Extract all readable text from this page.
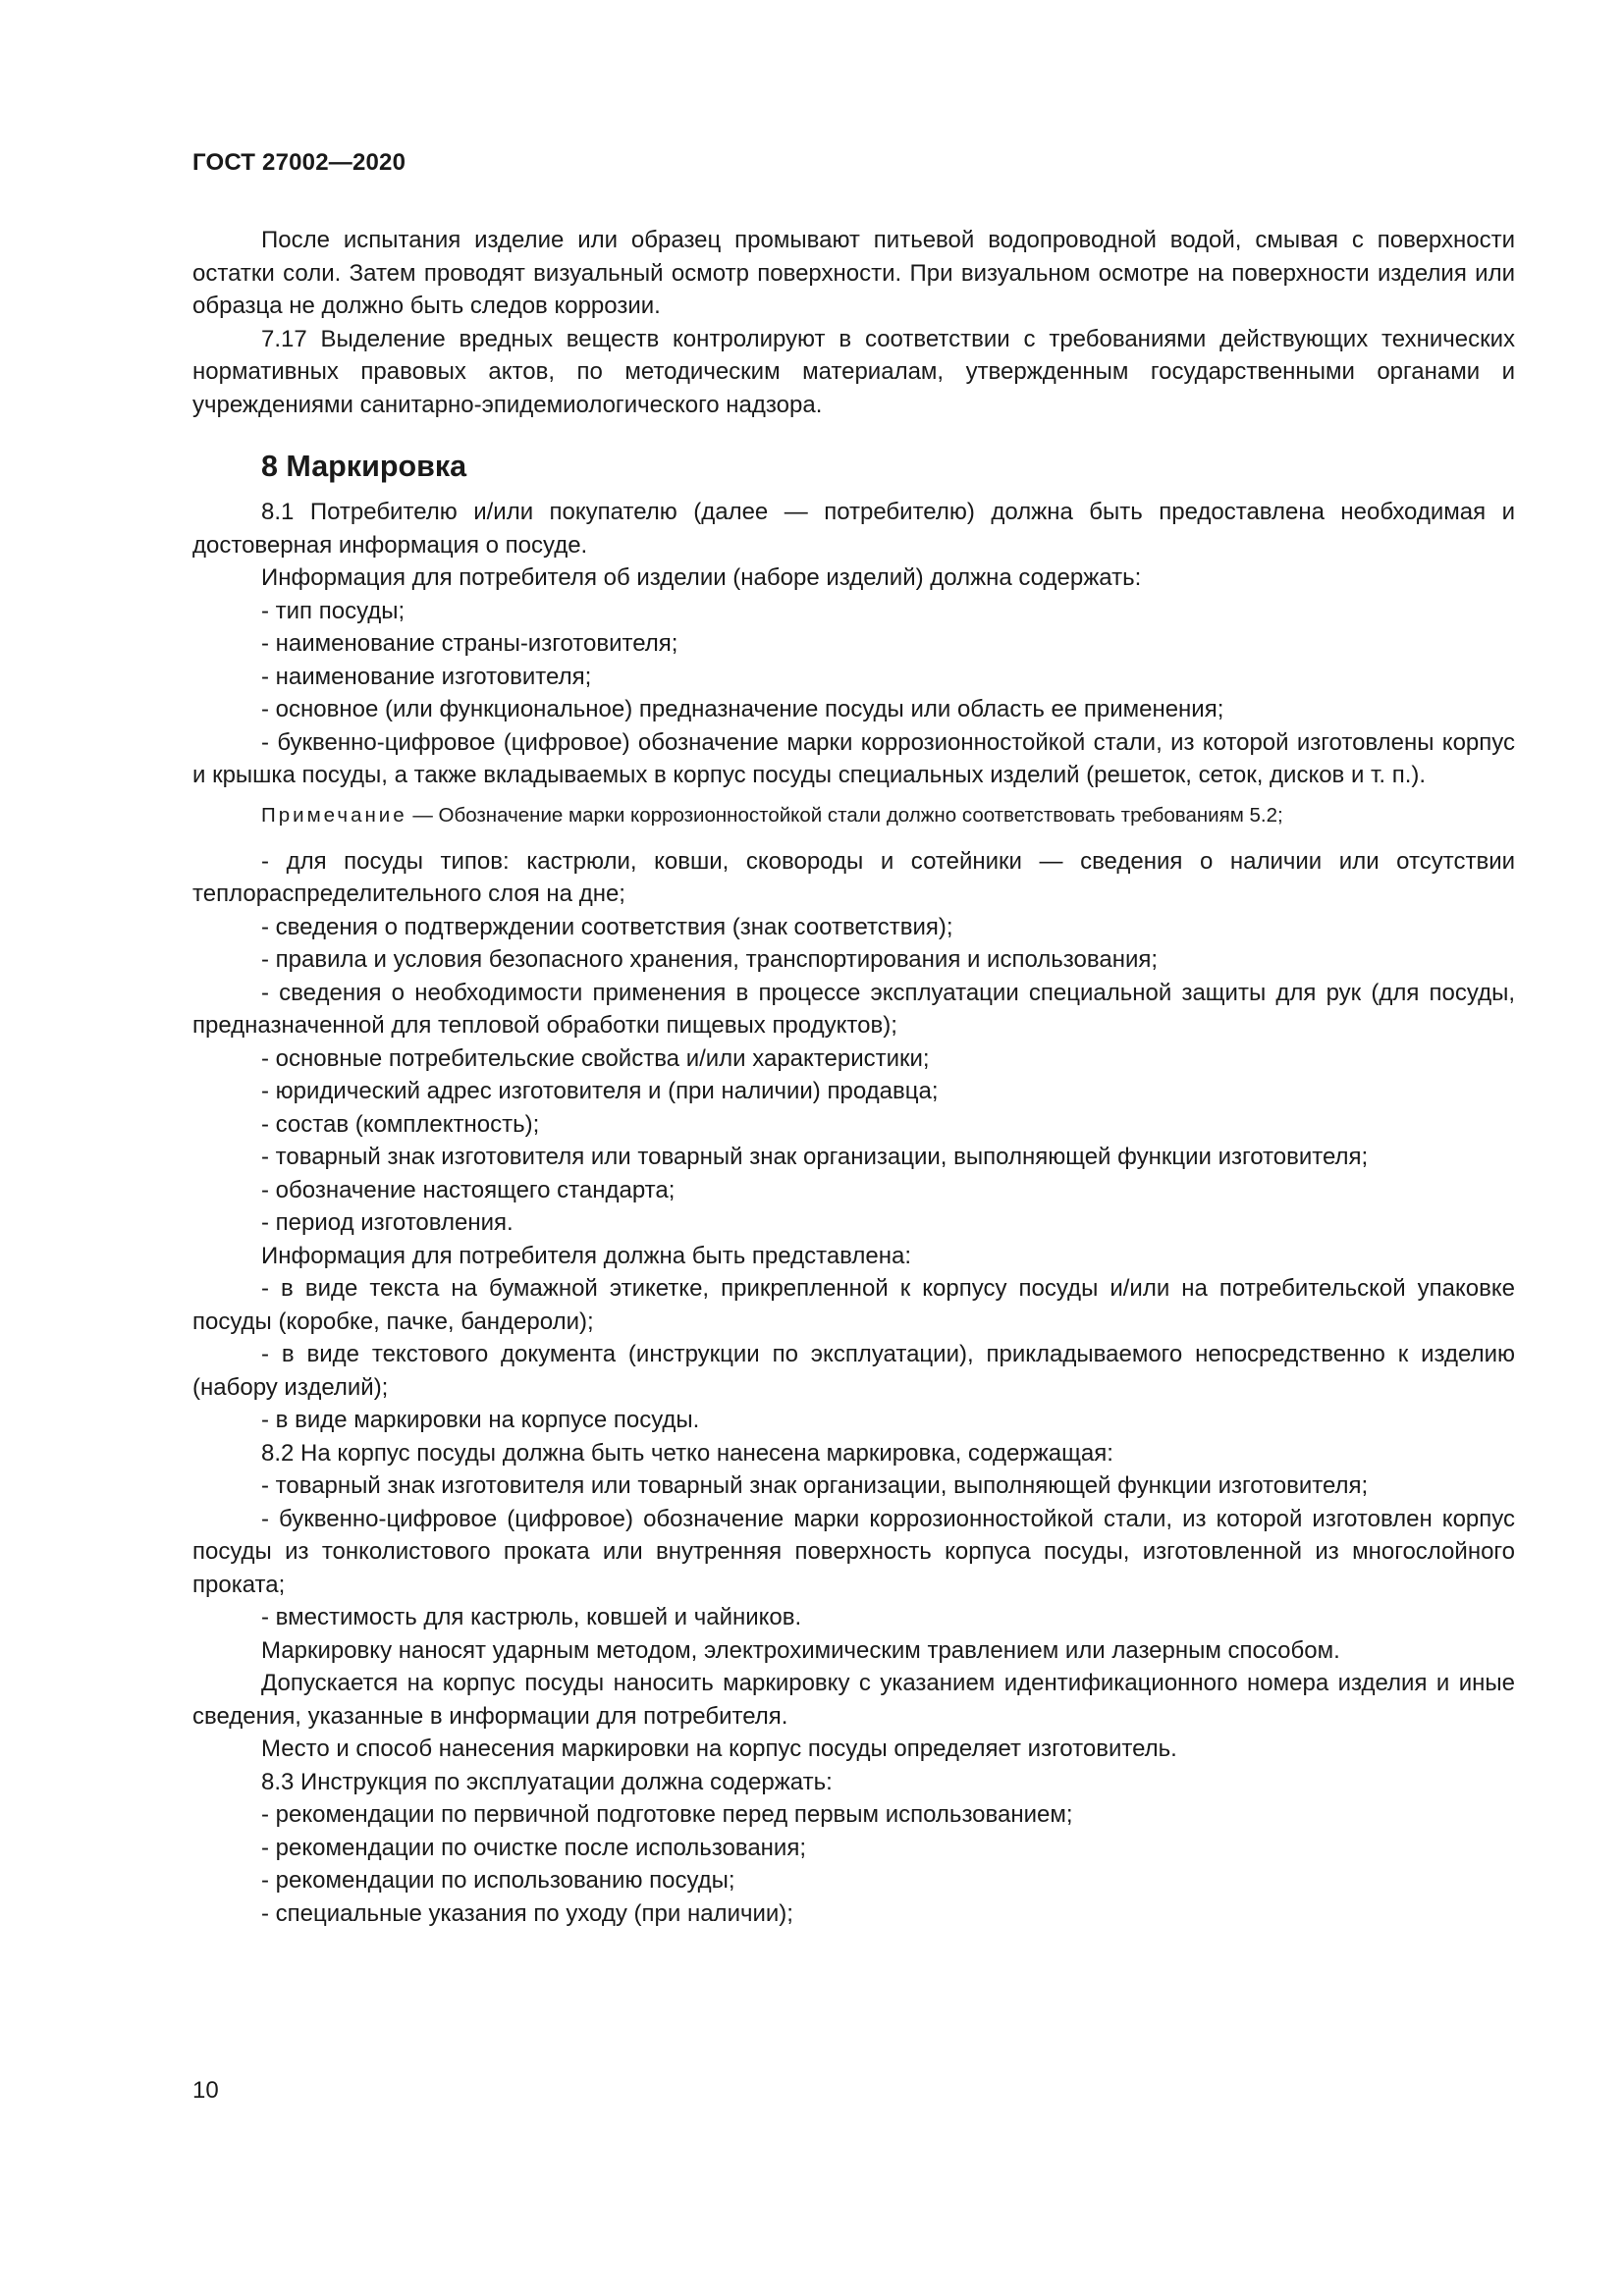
ГОСТ 27002—2020

После испытания изделие или образец промывают питьевой водопроводной водой, смывая с поверхности остатки соли. Затем проводят визуальный осмотр поверхности. При визуальном осмотре на поверхности изделия или образца не должно быть следов коррозии.

7.17 Выделение вредных веществ контролируют в соответствии с требованиями действующих технических нормативных правовых актов, по методическим материалам, утвержденным государственными органами и учреждениями санитарно-эпидемиологического надзора.

8 Маркировка

8.1 Потребителю и/или покупателю (далее — потребителю) должна быть предоставлена необходимая и достоверная информация о посуде.

Информация для потребителя об изделии (наборе изделий) должна содержать:

- тип посуды;

- наименование страны-изготовителя;

- наименование изготовителя;

- основное (или функциональное) предназначение посуды или область ее применения;

- буквенно-цифровое (цифровое) обозначение марки коррозионностойкой стали, из которой изготовлены корпус и крышка посуды, а также вкладываемых в корпус посуды специальных изделий (решеток, сеток, дисков и т. п.).

Примечание — Обозначение марки коррозионностойкой стали должно соответствовать требованиям 5.2;

- для посуды типов: кастрюли, ковши, сковороды и сотейники — сведения о наличии или отсутствии теплораспределительного слоя на дне;

- сведения о подтверждении соответствия (знак соответствия);

- правила и условия безопасного хранения, транспортирования и использования;

- сведения о необходимости применения в процессе эксплуатации специальной защиты для рук (для посуды, предназначенной для тепловой обработки пищевых продуктов);

- основные потребительские свойства и/или характеристики;

- юридический адрес изготовителя и (при наличии) продавца;

- состав (комплектность);

- товарный знак изготовителя или товарный знак организации, выполняющей функции изготовителя;

- обозначение настоящего стандарта;

- период изготовления.

Информация для потребителя должна быть представлена:

- в виде текста на бумажной этикетке, прикрепленной к корпусу посуды и/или на потребительской упаковке посуды (коробке, пачке, бандероли);

- в виде текстового документа (инструкции по эксплуатации), прикладываемого непосредственно к изделию (набору изделий);

- в виде маркировки на корпусе посуды.

8.2 На корпус посуды должна быть четко нанесена маркировка, содержащая:

- товарный знак изготовителя или товарный знак организации, выполняющей функции изготовителя;

- буквенно-цифровое (цифровое) обозначение марки коррозионностойкой стали, из которой изготовлен корпус посуды из тонколистового проката или внутренняя поверхность корпуса посуды, изготовленной из многослойного проката;

- вместимость для кастрюль, ковшей и чайников.

Маркировку наносят ударным методом, электрохимическим травлением или лазерным способом.

Допускается на корпус посуды наносить маркировку с указанием идентификационного номера изделия и иные сведения, указанные в информации для потребителя.

Место и способ нанесения маркировки на корпус посуды определяет изготовитель.

8.3 Инструкция по эксплуатации должна содержать:

- рекомендации по первичной подготовке перед первым использованием;

- рекомендации по очистке после использования;

- рекомендации по использованию посуды;

- специальные указания по уходу (при наличии);

10
